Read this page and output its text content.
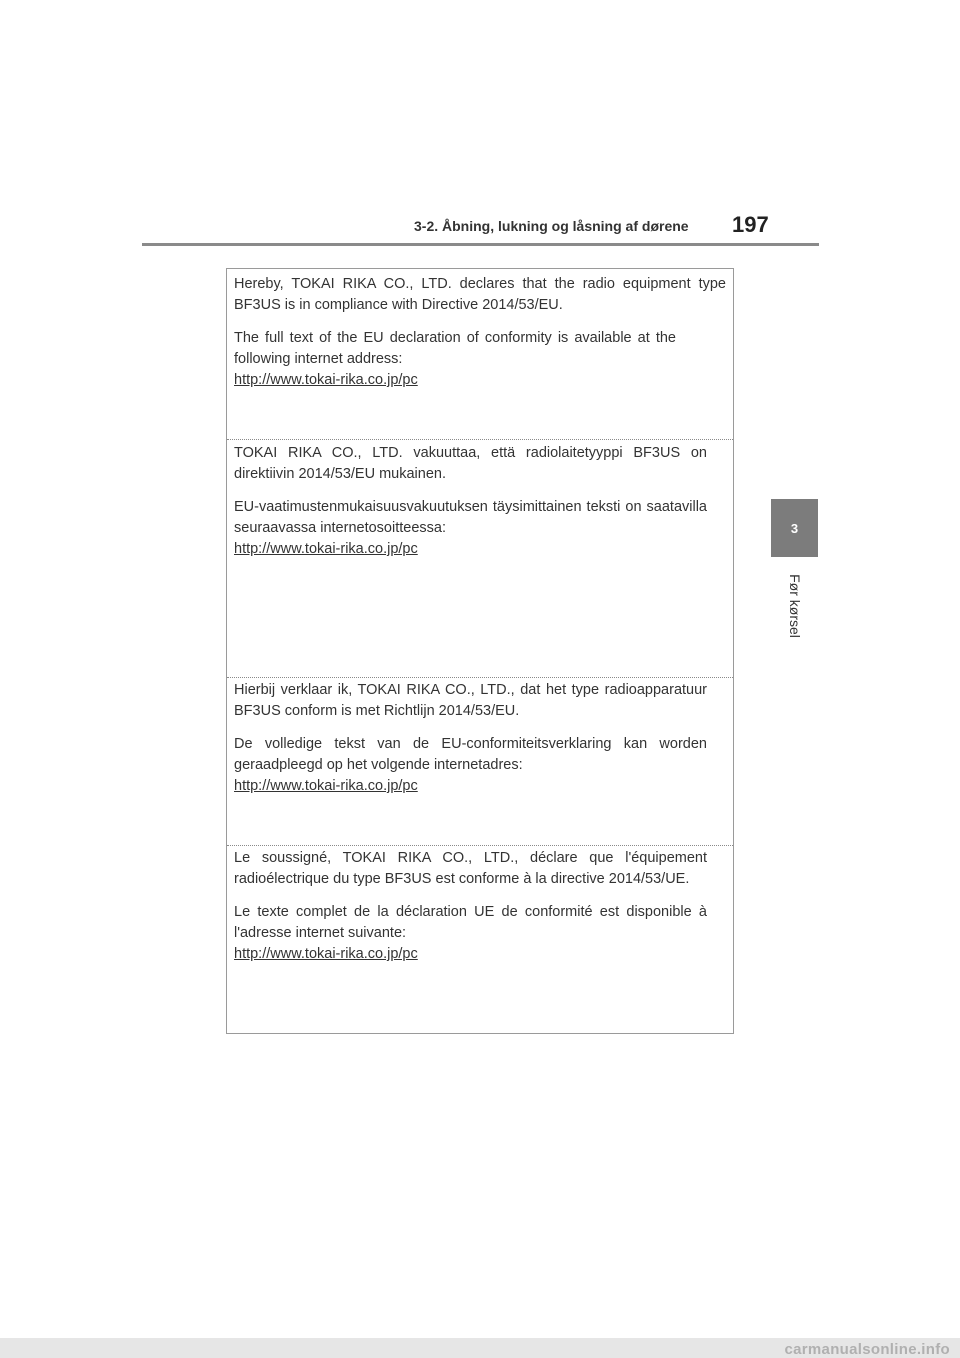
3-2. Åbning, lukning og låsning af dørene 197
3
Før kørsel

Hereby, TOKAI RIKA CO., LTD. declares that the radio equipment type BF3US is in compliance with Directive 2014/53/EU.

The full text of the EU declaration of conformity is available at the following internet address:

http://www.tokai-rika.co.jp/pc

TOKAI RIKA CO., LTD. vakuuttaa, että radiolaitetyyppi BF3US on direktiivin 2014/53/EU mukainen.

EU-vaatimustenmukaisuusvakuutuksen täysimittainen teksti on saatavilla seuraavassa internetosoitteessa:

http://www.tokai-rika.co.jp/pc

Hierbij verklaar ik, TOKAI RIKA CO., LTD., dat het type radioapparatuur BF3US conform is met Richtlijn 2014/53/EU.

De volledige tekst van de EU-conformiteitsverklaring kan worden geraadpleegd op het volgende internetadres:

http://www.tokai-rika.co.jp/pc

Le soussigné, TOKAI RIKA CO., LTD., déclare que l'équipement radioélectrique du type BF3US est conforme à la directive 2014/53/UE.

Le texte complet de la déclaration UE de conformité est disponible à l'adresse internet suivante:

http://www.tokai-rika.co.jp/pc
carmanualsonline.info
